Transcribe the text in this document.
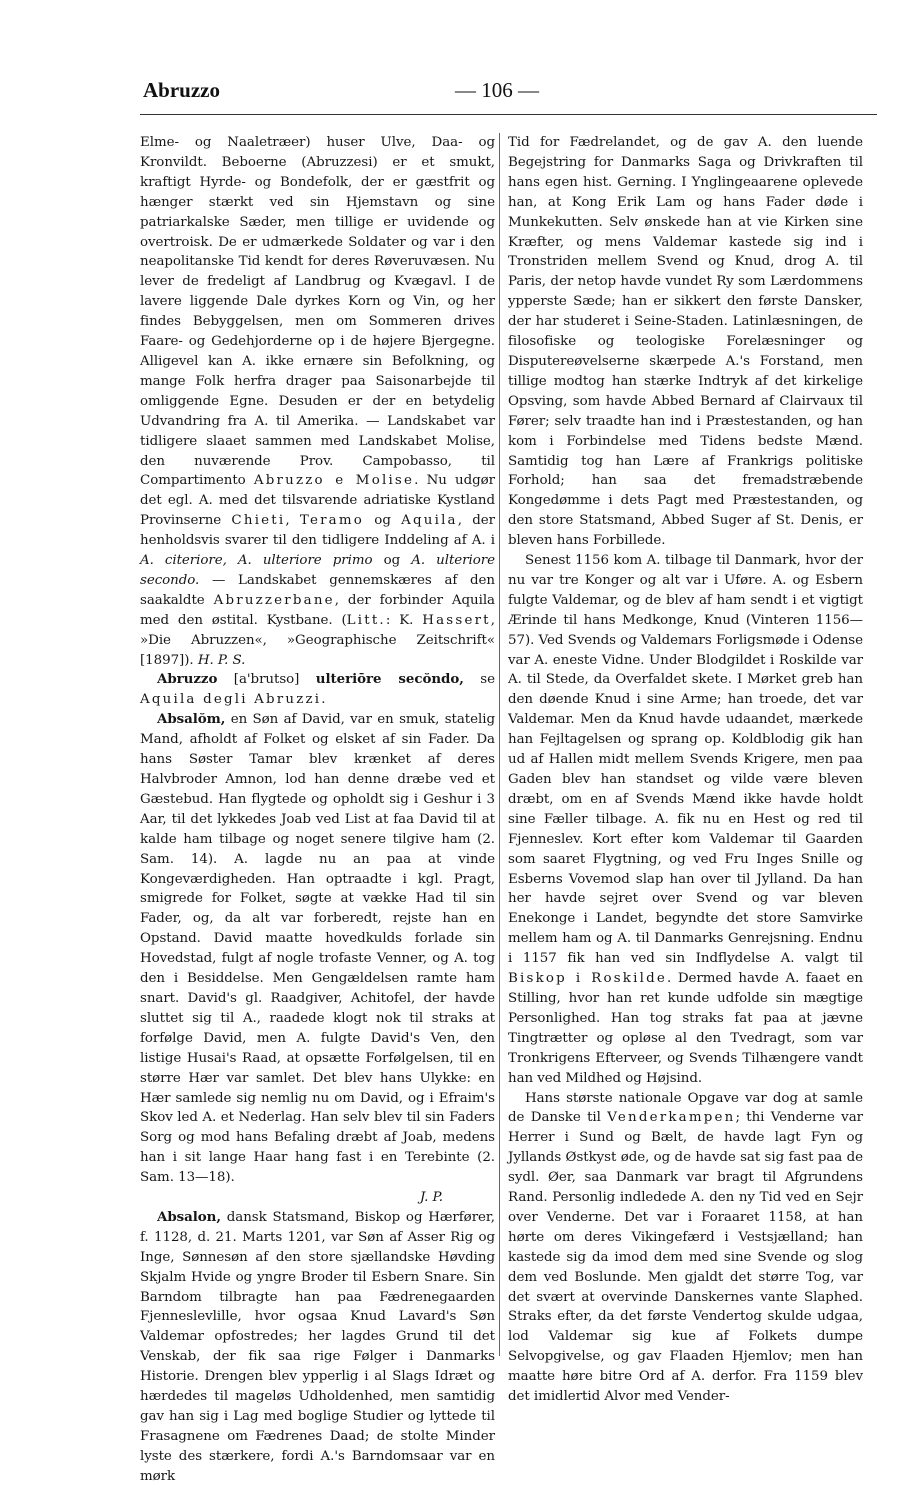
Abruzzo	— 106 —

Elme- og Naaletræer) huser Ulve, Daa- og Kronvildt. Beboerne (Abruzzesi) er et smukt, kraftigt Hyrde- og Bondefolk, der er gæstfrit og hænger stærkt ved sin Hjemstavn og sine patriarkalske Sæder, men tillige er uvidende og overtroisk. De er udmærkede Soldater og var i den neapolitanske Tid kendt for deres Røveruvæsen. Nu lever de fredeligt af Landbrug og Kvægavl. I de lavere liggende Dale dyrkes Korn og Vin, og her findes Bebyggelsen, men om Sommeren drives Faare- og Gedehjorderne op i de højere Bjergegne. Alligevel kan A. ikke ernære sin Befolkning, og mange Folk herfra drager paa Saisonarbejde til omliggende Egne. Desuden er der en betydelig Udvandring fra A. til Amerika. — Landskabet var tidligere slaaet sammen med Landskabet Molise, den nuværende Prov. Campobasso, til Compartimento Abruzzo e Molise. Nu udgør det egl. A. med det tilsvarende adriatiske Kystland Provinserne Chieti, Teramo og Aquila, der henholdsvis svarer til den tidligere Inddeling af A. i A. citeriore, A. ulteriore primo og A. ulteriore secondo. — Landskabet gennemskæres af den saakaldte Abruzzerbane, der forbinder Aquila med den østital. Kystbane. (Litt.: K. Hassert, »Die Abruzzen«, »Geographische Zeitschrift« [1897]). H. P. S.

Abruzzo [a'brutso] ulteriōre secŏndo, se Aquila degli Abruzzi.

Absalŏm, en Søn af David, var en smuk, statelig Mand, afholdt af Folket og elsket af sin Fader. Da hans Søster Tamar blev krænket af deres Halvbroder Amnon, lod han denne dræbe ved et Gæstebud. Han flygtede og opholdt sig i Geshur i 3 Aar, til det lykkedes Joab ved List at faa David til at kalde ham tilbage og noget senere tilgive ham (2. Sam. 14). A. lagde nu an paa at vinde Kongeværdigheden. Han optraadte i kgl. Pragt, smigrede for Folket, søgte at vække Had til sin Fader, og, da alt var forberedt, rejste han en Opstand. David maatte hovedkulds forlade sin Hovedstad, fulgt af nogle trofaste Venner, og A. tog den i Besiddelse. Men Gengældelsen ramte ham snart. David's gl. Raadgiver, Achitofel, der havde sluttet sig til A., raadede klogt nok til straks at forfølge David, men A. fulgte David's Ven, den listige Husai's Raad, at opsætte Forfølgelsen, til en større Hær var samlet. Det blev hans Ulykke: en Hær samlede sig nemlig nu om David, og i Efraim's Skov led A. et Nederlag. Han selv blev til sin Faders Sorg og mod hans Befaling dræbt af Joab, medens han i sit lange Haar hang fast i en Terebinte (2. Sam. 13—18).
J. P.

Absalon, dansk Statsmand, Biskop og Hærfører, f. 1128, d. 21. Marts 1201, var Søn af Asser Rig og Inge, Sønnesøn af den store sjællandske Høvding Skjalm Hvide og yngre Broder til Esbern Snare. Sin Barndom tilbragte han paa Fædrenegaarden Fjenneslevlille, hvor ogsaa Knud Lavard's Søn Valdemar opfostredes; her lagdes Grund til det Venskab, der fik saa rige Følger i Danmarks Historie. Drengen blev ypperlig i al Slags Idræt og hærdedes til mageløs Udholdenhed, men samtidig gav han sig i Lag med boglige Studier og lyttede til Frasagnene om Fædrenes Daad; de stolte Minder lyste des stærkere, fordi A.'s Barndomsaar var en mørk

Tid for Fædrelandet, og de gav A. den luende Begejstring for Danmarks Saga og Drivkraften til hans egen hist. Gerning. I Ynglingeaarene oplevede han, at Kong Erik Lam og hans Fader døde i Munkekutten. Selv ønskede han at vie Kirken sine Kræfter, og mens Valdemar kastede sig ind i Tronstriden mellem Svend og Knud, drog A. til Paris, der netop havde vundet Ry som Lærdommens ypperste Sæde; han er sikkert den første Dansker, der har studeret i Seine-Staden. Latinlæsningen, de filosofiske og teologiske Forelæsninger og Disputereøvelserne skærpede A.'s Forstand, men tillige modtog han stærke Indtryk af det kirkelige Opsving, som havde Abbed Bernard af Clairvaux til Fører; selv traadte han ind i Præstestanden, og han kom i Forbindelse med Tidens bedste Mænd. Samtidig tog han Lære af Frankrigs politiske Forhold; han saa det fremadstræbende Kongedømme i dets Pagt med Præstestanden, og den store Statsmand, Abbed Suger af St. Denis, er bleven hans Forbillede.

Senest 1156 kom A. tilbage til Danmark, hvor der nu var tre Konger og alt var i Uføre. A. og Esbern fulgte Valdemar, og de blev af ham sendt i et vigtigt Ærinde til hans Medkonge, Knud (Vinteren 1156—57). Ved Svends og Valdemars Forligsmøde i Odense var A. eneste Vidne. Under Blodgildet i Roskilde var A. til Stede, da Overfaldet skete. I Mørket greb han den døende Knud i sine Arme; han troede, det var Valdemar. Men da Knud havde udaandet, mærkede han Fejltagelsen og sprang op. Koldblodig gik han ud af Hallen midt mellem Svends Krigere, men paa Gaden blev han standset og vilde være bleven dræbt, om en af Svends Mænd ikke havde holdt sine Fæller tilbage. A. fik nu en Hest og red til Fjenneslev. Kort efter kom Valdemar til Gaarden som saaret Flygtning, og ved Fru Inges Snille og Esberns Vovemod slap han over til Jylland. Da han her havde sejret over Svend og var bleven Enekonge i Landet, begyndte det store Samvirke mellem ham og A. til Danmarks Genrejsning. Endnu i 1157 fik han ved sin Indflydelse A. valgt til Biskop i Roskilde. Dermed havde A. faaet en Stilling, hvor han ret kunde udfolde sin mægtige Personlighed. Han tog straks fat paa at jævne Tingtrætter og opløse al den Tvedragt, som var Tronkrigens Efterveer, og Svends Tilhængere vandt han ved Mildhed og Højsind.

Hans største nationale Opgave var dog at samle de Danske til Venderkampen; thi Venderne var Herrer i Sund og Bælt, de havde lagt Fyn og Jyllands Østkyst øde, og de havde sat sig fast paa de sydl. Øer, saa Danmark var bragt til Afgrundens Rand. Personlig indledede A. den ny Tid ved en Sejr over Venderne. Det var i Foraaret 1158, at han hørte om deres Vikingefærd i Vestsjælland; han kastede sig da imod dem med sine Svende og slog dem ved Boslunde. Men gjaldt det større Tog, var det svært at overvinde Danskernes vante Slaphed. Straks efter, da det første Vendertog skulde udgaa, lod Valdemar sig kue af Folkets dumpe Selvopgivelse, og gav Flaaden Hjemlov; men han maatte høre bitre Ord af A. derfor. Fra 1159 blev det imidlertid Alvor med Vender-
